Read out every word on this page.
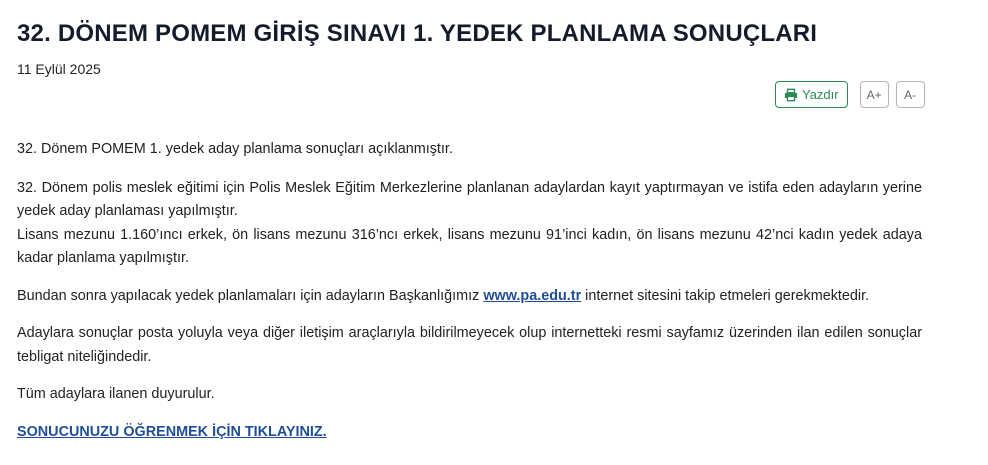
32. DÖNEM POMEM GİRİŞ SINAVI 1. YEDEK PLANLAMA SONUÇLARI
11 Eylül 2025
Yazdır	A+	A-

32. Dönem POMEM 1. yedek aday planlama sonuçları açıklanmıştır.

32. Dönem polis meslek eğitimi için Polis Meslek Eğitim Merkezlerine planlanan adaylardan kayıt yaptırmayan ve istifa eden adayların yerine yedek aday planlaması yapılmıştır.

Lisans mezunu 1.160’ıncı erkek, ön lisans mezunu 316’ncı erkek, lisans mezunu 91’inci kadın, ön lisans mezunu 42’nci kadın yedek adaya kadar planlama yapılmıştır.

Bundan sonra yapılacak yedek planlamaları için adayların Başkanlığımız www.pa.edu.tr internet sitesini takip etmeleri gerekmektedir.

Adaylara sonuçlar posta yoluyla veya diğer iletişim araçlarıyla bildirilmeyecek olup internetteki resmi sayfamız üzerinden ilan edilen sonuçlar tebligat niteliğindedir.

Tüm adaylara ilanen duyurulur.

SONUCUNUZU ÖĞRENMEK İÇİN TIKLAYINIZ.
